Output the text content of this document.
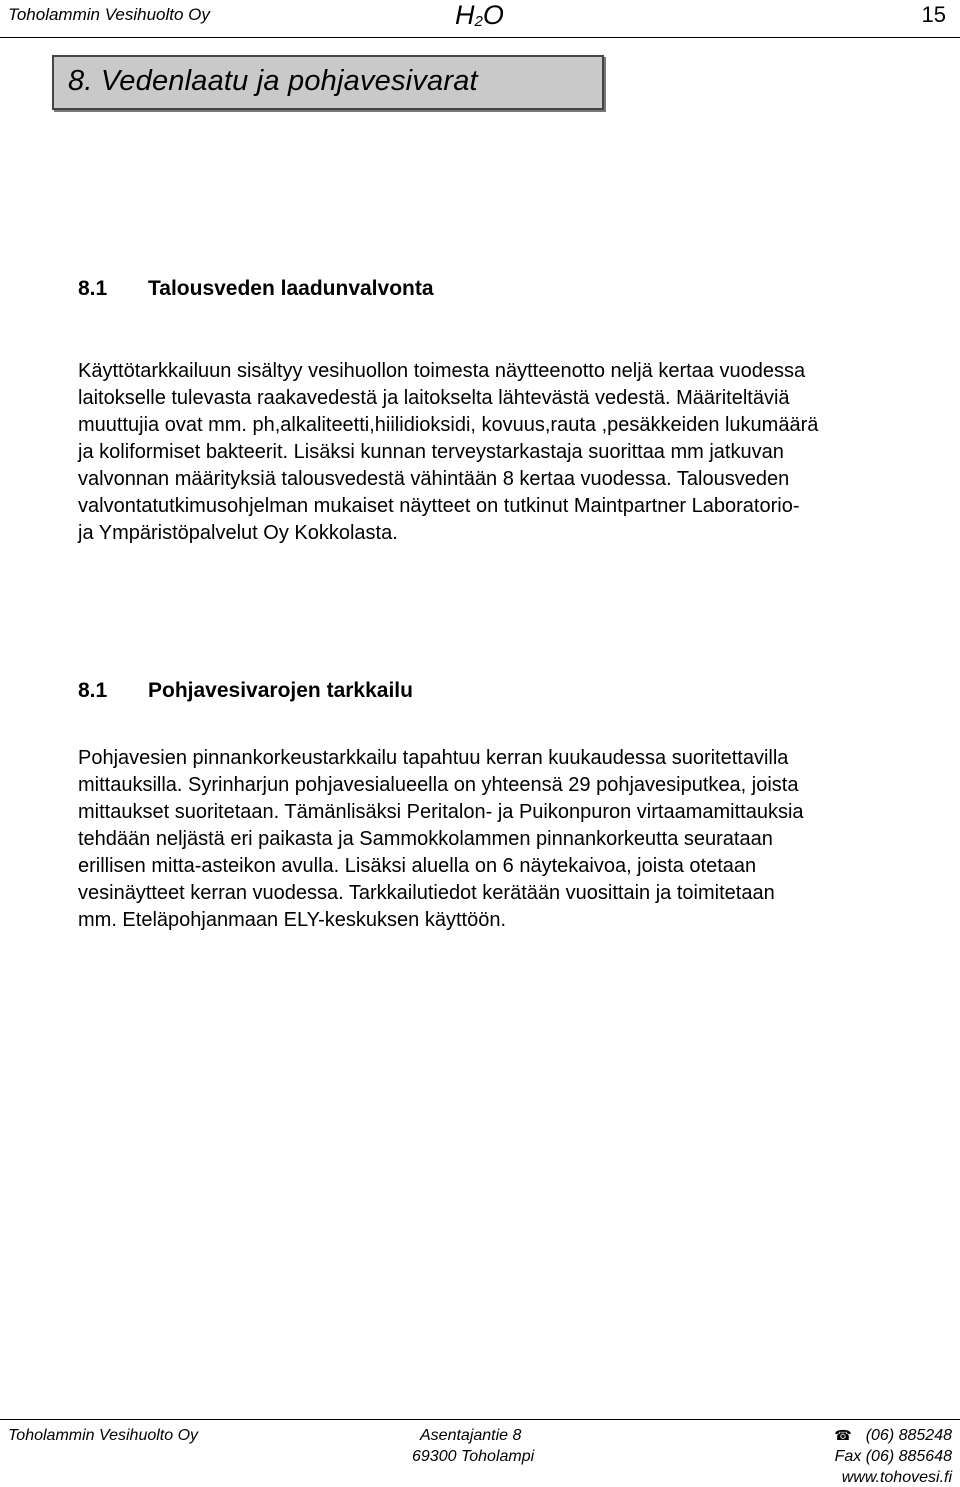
Toholammin Vesihuolto Oy	$H_2O$	15
8. Vedenlaatu ja pohjavesivarat
8.1 Talousveden laadunvalvonta
Käyttötarkkailuun sisältyy vesihuollon toimesta näytteenotto neljä kertaa vuodessa
laitokselle tulevasta raakavedestä ja laitokselta lähtevästä vedestä. Määriteltäviä
muuttujia ovat mm. ph,alkaliteetti,hiilidioksidi, kovuus,rauta ,pesäkkeiden lukumäärä
ja koliformiset bakteerit. Lisäksi kunnan terveystarkastaja suorittaa mm jatkuvan
valvonnan määrityksiä talousvedestä vähintään 8 kertaa vuodessa. Talousveden
valvontatutkimusohjelman mukaiset näytteet on tutkinut Maintpartner Laboratorio-
ja Ympäristöpalvelut Oy Kokkolasta.
8.1 Pohjavesivarojen tarkkailu
Pohjavesien pinnankorkeustarkkailu tapahtuu kerran kuukaudessa suoritettavilla
mittauksilla. Syrinharjun pohjavesialueella on yhteensä 29 pohjavesiputkea, joista
mittaukset suoritetaan. Tämänlisäksi Peritalon- ja Puikonpuron virtaamamittauksia
tehdään neljästä eri paikasta ja Sammokkolammen pinnankorkeutta seurataan
erillisen mitta-asteikon avulla. Lisäksi aluella on 6 näytekaivoa, joista otetaan
vesinäytteet kerran vuodessa. Tarkkailutiedot kerätään vuosittain ja toimitetaan
mm. Eteläpohjanmaan ELY-keskuksen käyttöön.
Toholammin Vesihuolto Oy	Asentajantie 8
69300 Toholampi
☎ (06) 885248
Fax (06) 885648
www.tohovesi.fi
